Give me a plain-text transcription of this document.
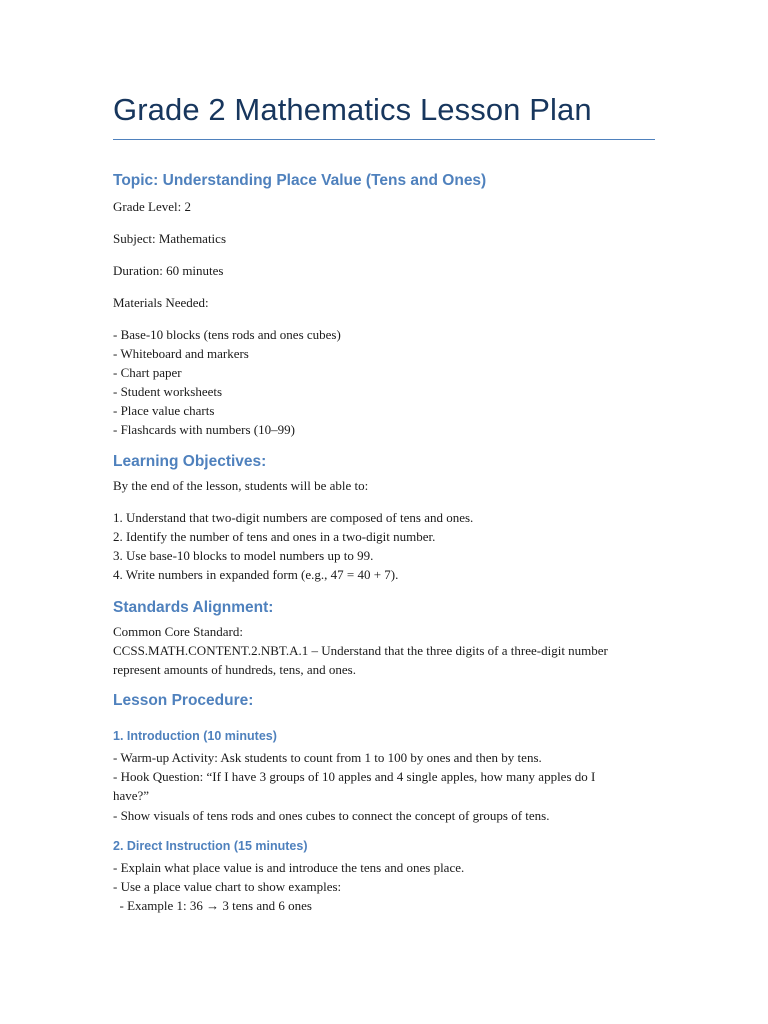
Grade 2 Mathematics Lesson Plan
Topic: Understanding Place Value (Tens and Ones)

Grade Level: 2

Subject: Mathematics

Duration: 60 minutes

Materials Needed:

- Base-10 blocks (tens rods and ones cubes)

- Whiteboard and markers

- Chart paper

- Student worksheets

- Place value charts

- Flashcards with numbers (10–99)

Learning Objectives:

By the end of the lesson, students will be able to:

1. Understand that two-digit numbers are composed of tens and ones.

2. Identify the number of tens and ones in a two-digit number.

3. Use base-10 blocks to model numbers up to 99.

4. Write numbers in expanded form (e.g., 47 = 40 + 7).

Standards Alignment:

Common Core Standard:

CCSS.MATH.CONTENT.2.NBT.A.1 – Understand that the three digits of a three-digit number

represent amounts of hundreds, tens, and ones.

Lesson Procedure:
1. Introduction (10 minutes)

- Warm-up Activity: Ask students to count from 1 to 100 by ones and then by tens.

- Hook Question: “If I have 3 groups of 10 apples and 4 single apples, how many apples do I

have?”

- Show visuals of tens rods and ones cubes to connect the concept of groups of tens.

2. Direct Instruction (15 minutes)

- Explain what place value is and introduce the tens and ones place.

- Use a place value chart to show examples:

- Example 1: 36 → 3 tens and 6 ones
